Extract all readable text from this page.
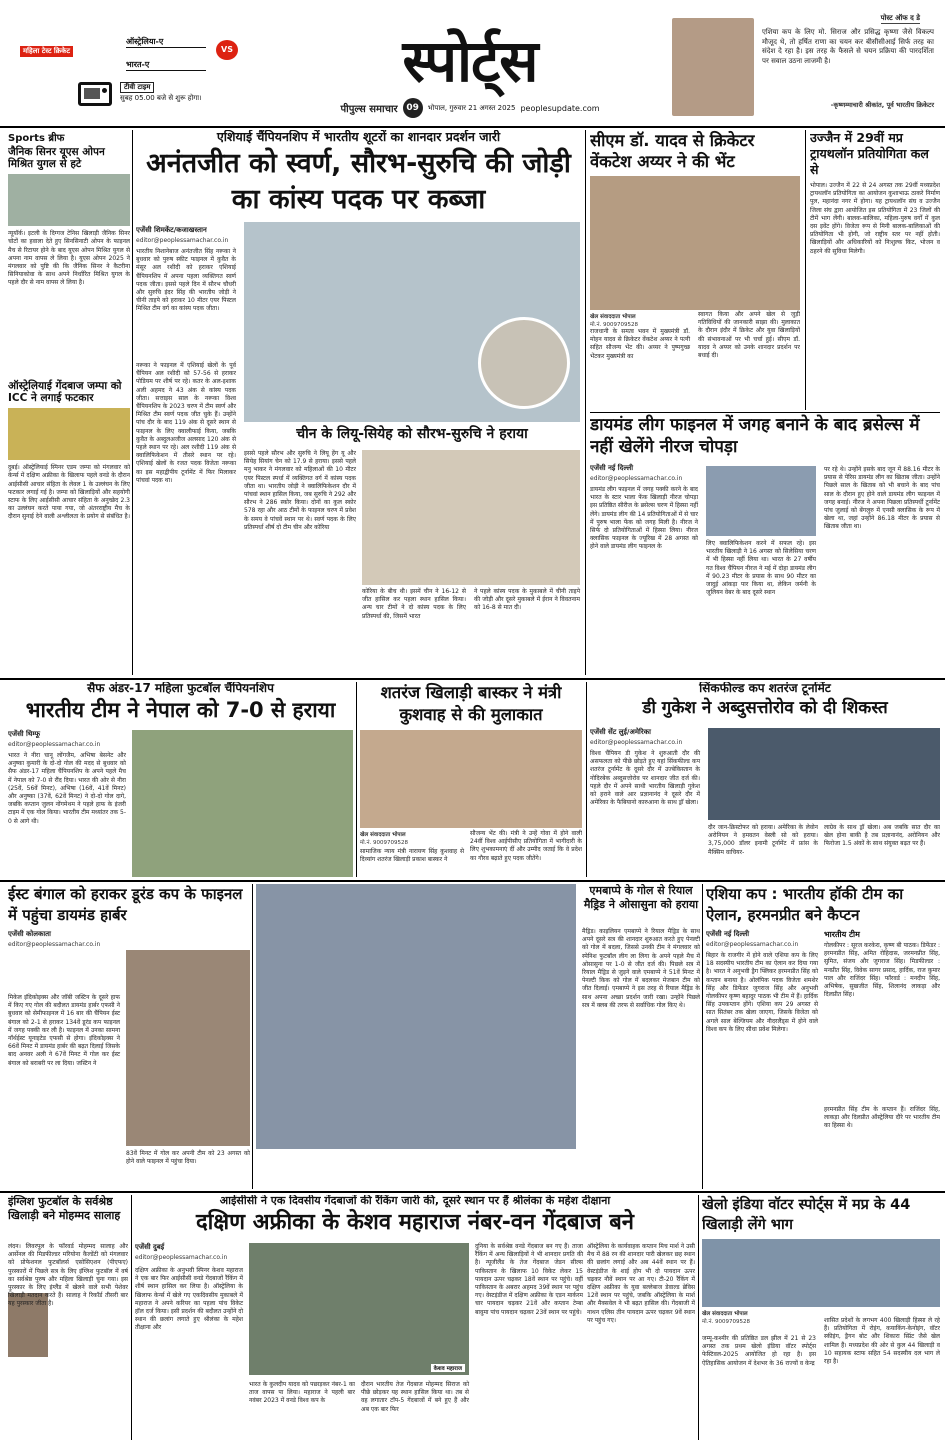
महिला टेस्ट क्रिकेट
ऑस्ट्रेलिया-ए
VS
भारत-ए
टीवी टाइम
सुबह 05.00 बजे से शुरू होगा।
स्पोर्ट्स
पीपुल्स समाचार 09	भोपाल, गुरुवार 21 अगस्त 2025 peoplesupdate.com
पोस्ट ऑफ द डे
एशिया कप के लिए मो. सिराज और प्रसिद्ध कृष्णा जैसे विकल्प मौजूद थे, तो हर्षित राणा का चयन कर बीसीसीआई सिर्फ तरह का संदेश दे रहा है। इस तरह के फैसले से चयन प्रक्रिया की पारदर्शिता पर सवाल उठना लाजमी है।
-कृष्णम्माचारी श्रीकांत, पूर्व भारतीय क्रिकेटर
Sports ब्रीफ
जैनिक सिनर यूएस ओपन मिश्रित युगल से हटे
न्यूयॉर्क। इटली के दिग्गज टेनिस खिलाड़ी जैनिक सिनर चोटों का हवाला देते हुए सिनसिनाटी ओपन के फाइनल मैच से रिटायर होने के बाद यूएस ओपन मिश्रित युगल से अपना नाम वापस ले लिया है। यूएस ओपन 2025 ने मंगलवार को पुष्टि की कि जैनिक सिनर ने कैटरीना सिनियाकोवा के साथ अपने निर्धारित मिश्रित युगल के पहले दौर से नाम वापस ले लिया है।
ऑस्ट्रेलियाई गेंदबाज जम्पा को ICC ने लगाई फटकार
दुबई। ऑस्ट्रेलियाई स्पिनर एडम जम्पा को मंगलवार को केर्न्स में दक्षिण अफ्रीका के खिलाफ पहले वनडे के दौरान आईसीसी आचार संहिता के लेवल 1 के उल्लंघन के लिए फटकार लगाई गई है। जम्पा को खिलाड़ियों और सहयोगी स्टाफ के लिए आईसीसी आचार संहिता के अनुच्छेद 2.3 का उल्लंघन करते पाया गया, जो अंतरराष्ट्रीय मैच के दौरान सुनाई देने वाली अश्लीलता के प्रयोग से संबंधित है।
एशियाई चैंपियनशिप में भारतीय शूटरों का शानदार प्रदर्शन जारी
अनंतजीत को स्वर्ण, सौरभ-सुरुचि की जोड़ी का कांस्य पदक पर कब्जा
एजेंसी शिमकेंट/कजाखस्तान
editor@peoplessamachar.co.in
भारतीय निशानेबाज अनंतजीत सिंह नरूका ने बुधवार को पुरुष स्कीट फाइनल में कुवैत के मंसूर अल रशीदी को हराकर एशियाई चैंपियनशिप में अपना पहला व्यक्तिगत स्वर्ण पदक जीता। इससे पहले दिन में सौरभ चौधरी और सुरुचि इंदर सिंह की भारतीय जोड़ी ने चीनी ताइपे को हराकर 10 मीटर एयर पिस्टल मिश्रित टीम वर्ग का कांस्य पदक जीता।
नरूका ने फाइनल में एशियाई खेलों के पूर्व चैंपियन अल रशीदी को 57-56 से हराकर पोडियम पर शीर्ष पर रहे। कतर के अल-इशाक अली अहमद ने 43 अंक से कांस्य पदक जीता। सत्ताइस साल के नरूका विश्व चैंपियनशिप के 2023 चरण में टीम स्वर्ण और मिश्रित टीम स्वर्ण पदक जीत चुके हैं। उन्होंने पांच दौर के बाद 119 अंक से दूसरे स्थान से फाइनल के लिए क्वालीफाई किया, जबकि कुवैत के अब्दुलअजीज अलसाद 120 अंक से पहले स्थान पर रहे। अल रशीदी 119 अंक से क्वालिफिकेशन में तीसरे स्थान पर रहे। एशियाई खेलों के रजत पदक विजेता नरूका का इस महाद्वीपीय टूर्नामेंट में फिर मिलाकर पांचवां पदक था।
चीन के लियू-सियेह को सौरभ-सुरुचि ने हराया
इससे पहले सौरभ और सुरुचि ने लियू हेंग यू और सियेह सियांग चेन को 17.9 से हराया। इससे पहले मनु भाकर ने मंगलवार को महिलाओं की 10 मीटर एयर पिस्टल स्पर्धा में व्यक्तिगत वर्ग में कांस्य पदक जीता था। भारतीय जोड़ी ने क्वालिफिकेशन दौर में पांचवां स्थान हासिल किया, जब सुरुचि ने 292 और सौरभ ने 286 स्कोर किया। दोनों का कुल स्कोर 578 रहा और आठ टीमों के फाइनल चरण में प्रवेश के समय वे पांचवें स्थान पर थे। स्वर्ण पदक के लिए प्रतिस्पर्धा शीर्ष दो टीम चीन और कोरिया
कोरिया के बीच थी। इसमें चीन ने 16-12 से जीत हासिल कर पहला स्थान हासिल किया। अन्य चार टीमों ने दो कांस्य पदक के लिए प्रतिस्पर्धा की, जिसमें भारत
ने पहले कांस्य पदक के मुकाबले में चीनी ताइपे की जोड़ी और दूसरे मुकाबले में ईरान ने विवतनाम को 16-8 से मात दी।
सीएम डॉ. यादव से क्रिकेटर वेंकटेश अय्यर ने की भेंट
खेल संवाददाता भोपाल
मो.नं. 9009709528
राजधानी के समत्व भवन में मुख्यमंत्री डॉ. मोहन यादव से क्रिकेटर वेंकटेश अय्यर ने पत्नी सहित सौजन्य भेंट की। अय्यर ने पुष्पगुच्छ भेंटकर मुख्यमंत्री का
स्वागत किया और अपने खेल से जुड़ी गतिविधियों की जानकारी साझा की। मुलाकात के दौरान इंदौर में क्रिकेट और युवा खिलाड़ियों की संभावनाओं पर भी चर्चा हुई। सीएम डॉ. यादव ने अय्यर को उनके शानदार प्रदर्शन पर बधाई दी।
उज्जैन में 29वीं मप्र ट्रायथलॉन प्रतियोगिता कल से
भोपाल। उज्जैन में 22 से 24 अगस्त तक 29वीं मध्यप्रदेश ट्रायथलॉन प्रतियोगिता का आयोजन कुशाभाऊ ठाकरे निर्माण पुल, महानंदा नगर में होगा। यह ट्रायथलॉन संघ व उज्जैन जिला संघ द्वारा आयोजित इस प्रतियोगिता में 23 जिलों की टीमें भाग लेंगी। बालक-बालिका, महिला-पुरुष वर्गों में कुल दस इवेंट होंगे। विजेता रूप से मिनी बालक-बालिकाओं की प्रतियोगिता भी होगी, जो राष्ट्रीय स्तर पर नहीं होती। खिलाड़ियों और अधिकारियों को निःशुल्क किट, भोजन व ठहरने की सुविधा मिलेगी।
डायमंड लीग फाइनल में जगह बनाने के बाद ब्रसेल्स में नहीं खेलेंगे नीरज चोपड़ा
एजेंसी नई दिल्ली
editor@peoplessamachar.co.in
डायमंड लीग फाइनल में जगह पक्की करने के बाद भारत के स्टार भाला फेंक खिलाड़ी नीरज चोपड़ा इस प्रतिष्ठित सीरीज के ब्रसेल्स चरण में हिस्सा नहीं लेंगे। डायमंड लीग की 14 प्रतियोगिताओं में से चार में पुरुष भाला फेंक को जगह मिली है। नीरज ने सिर्फ दो प्रतियोगिताओं में हिस्सा लिया। नीरज क्लासिक फाइनल के ज्यूरिख में 28 अगस्त को होने वाले डायमंड लीग फाइनल के	लिए क्वालिफिकेशन करने में सफल रहे। इस भारतीय खिलाड़ी ने 16 अगस्त को सिलेसिया चरण में भी हिस्सा नहीं लिया था। भारत के 27 वर्षीय गत विश्व चैंपियन नीरज ने मई में दोहा डायमंड लीग में 90.23 मीटर के प्रयास के साथ 90 मीटर का जादुई आंकड़ा पार किया था, लेकिन जर्मनी के जूलियन वेबर के बाद दूसरे स्थान
पर रहे थे। उन्होंने इसके बाद जून में 88.16 मीटर के प्रयास से पेरिस डायमंड लीग का खिताब जीता। उन्होंने पिछले साल के खिताब को भी बचाने के बाद पांच साल के दौरान हुए होने वाले डायमंड लीग फाइनल में जगह बनाई। नीरज ने अपना पिछला प्रतिस्पर्धी टूर्नामेंट पांच जुलाई को बेंगलुरु में एनसी क्लासिक के रूप में खेला था, जहां उन्होंने 86.18 मीटर के प्रयास से खिताब जीता था।
सैफ अंडर-17 महिला फुटबॉल चैंपियनशिप
भारतीय टीम ने नेपाल को 7-0 से हराया
एजेंसी थिम्फू
editor@peoplessamachar.co.in
भारत ने नीरा चानू लोंगजैम, अभिषा बेसनेट और अनुष्का कुमारी के दो-दो गोल की मदद से बुधवार को सैफ अंडर-17 महिला चैंपियनशिप के अपने पहले मैच में नेपाल को 7-0 से रौंद दिया। भारत की ओर से नीरा (25वें, 56वें मिनट), अभिषा (16वें, 41वें मिनट) और अनुष्का (37वें, 62वें मिनट) ने दो-दो गोल दागे, जबकि कप्तान जुलन नोंगमेथम ने पहले हाफ के इंजरी टाइम में एक गोल किया। भारतीय टीम मध्यांतर तक 5-0 से आगे थी।
शतरंज खिलाड़ी बास्कर ने मंत्री कुशवाह से की मुलाकात
खेल संवाददाता भोपाल
मो.नं. 9009709528
सामाजिक न्याय मंत्री नारायण सिंह कुशवाह से दिव्यांग शतरंज खिलाड़ी प्रकाश बास्कर ने
सौजन्य भेंट की। मंत्री ने उन्हें गोवा में होने वाली 24वीं विश्व आईपीसीए प्रतियोगिता में भागीदारी के लिए शुभकामनाएं दीं और उम्मीद जताई कि वे प्रदेश का गौरव बढ़ाते हुए पदक जीतेंगे।
सिंकफील्ड कप शतरंज टूर्नामेंट
डी गुकेश ने अब्दुसत्तोरोव को दी शिकस्त
एजेंसी सेंट लुई/अमेरिका
editor@peoplessamachar.co.in
विश्व चैंपियन डी गुकेश ने शुरुआती दौर की असफलता को पीछे छोड़ते हुए यहां सिंकफील्ड कप शतरंज टूर्नामेंट के दूसरे दौर में उज्बेकिस्तान के नोदिरबेक अब्दुसत्तोरोव पर शानदार जीत दर्ज की। पहले दौर में अपने साथी भारतीय खिलाड़ी गुकेश को हराने वाले आर प्रज्ञानानंद ने दूसरे दौर में अमेरिका के फैबियानो कारुआना के साथ ड्रॉ खेला।
दौर जान-क्रिस्टोफर को हराया। अमेरिका के लेवोन अरोनियन ने हमवतन वेस्ली सो को हराया। 3,75,000 डॉलर इनामी टूर्नामेंट में फ्रांस के मैक्सिम वाचियर-
लाग्रेव के साथ ड्रॉ खेला। अब जबकि सात दौर का खेल होना बाकी है तब प्रज्ञानानंद, अरोनियन और फिरोजा 1.5 अंकों के साथ संयुक्त बढ़त पर हैं।
ईस्ट बंगाल को हराकर डूरंड कप के फाइनल में पहुंचा डायमंड हार्बर
एजेंसी कोलकाता
editor@peoplessamachar.co.in
मिकेल इंदिकोइक्स और जॉबी जस्टिन के दूसरे हाफ में किए गए गोल की बदौलत डायमंड हार्बर एफसी ने बुधवार को सेमीफाइनल में 16 बार की चैंपियन ईस्ट बंगाल को 2-1 से हराकर 134वें डूरंड कप फाइनल में जगह पक्की कर ली है। फाइनल में उनका सामना नॉर्थईस्ट यूनाइटेड एफसी से होगा। इंदिकोइक्स ने 66वें मिनट में डायमंड हार्बर की बढ़त दिलाई जिसके बाद अनवर अली ने 67वें मिनट में गोल कर ईस्ट बंगाल को बराबरी पर ला दिया। जस्टिन ने
83वें मिनट में गोल कर अपनी टीम को 23 अगस्त को होने वाले फाइनल में पहुंचा दिया।
एमबाप्पे के गोल से रियाल मैड्रिड ने ओसासुना को हराया
मैड्रिड। काइलियन एमबाप्पे ने रियाल मैड्रिड के साथ अपने दूसरे सत्र की शानदार शुरुआत करते हुए पेनल्टी को गोल में बदला, जिससे उनकी टीम ने मंगलवार को स्पेनिश फुटबॉल लीग ला लिगा के अपने पहले मैच में ओसासुना पर 1-0 से जीत दर्ज की। पिछले सत्र में रियाल मैड्रिड से जुड़ने वाले एमबाप्पे ने 51वें मिनट में पेनल्टी किक को गोल में बदलकर मेजबान टीम को जीत दिलाई। एमबाप्पे ने इस तरह से रियाल मैड्रिड के साथ अपना अच्छा प्रदर्शन जारी रखा। उन्होंने पिछले सत्र में क्लब की तरफ से सर्वाधिक गोल किए थे।
एशिया कप : भारतीय हॉकी टीम का ऐलान, हरमनप्रीत बने कैप्टन
एजेंसी नई दिल्ली
editor@peoplessamachar.co.in
बिहार के राजगीर में होने वाले एशिया कप के लिए 18 सदस्यीय भारतीय टीम का ऐलान कर दिया गया है। भारत ने अनुभवी ड्रैग फ्लिकर हरमनप्रीत सिंह को कप्तान बनाया है। ओलंपिक पदक विजेता शमशेर सिंह और डिफेंडर जुगराज सिंह और अनुभवी गोलकीपर कृष्ण बहादुर पाठक भी टीम में हैं। हार्दिक सिंह उपकप्तान होंगे। एशिया कप 29 अगस्त से सात सितंबर तक खेला जाएगा, जिसके विजेता को अगले साल बेल्जियम और नीदरलैंड्स में होने वाले विश्व कप के लिए सीधा प्रवेश मिलेगा।
भारतीय टीम
गोलकीपर : सूरज करकेरा, कृष्ण बी पाठक। डिफेंडर : हरमनप्रीत सिंह, अमित रोहिदास, जरमनप्रीत सिंह, सुमित, संजय और जुगराज सिंह। मिडफील्डर : मनप्रीत सिंह, विवेक सागर प्रसाद, हार्दिक, राज कुमार पाल और राजिंदर सिंह। फॉरवर्ड : मनदीप सिंह, अभिषेक, सुखजीत सिंह, शिलानंद लाकड़ा और दिलप्रीत सिंह।
हरमनप्रीत सिंह टीम के कप्तान हैं। राजिंदर सिंह, लाकड़ा और दिलप्रीत ऑस्ट्रेलिया दौरे पर भारतीय टीम का हिस्सा थे।
इंग्लिश फुटबॉल के सर्वश्रेष्ठ खिलाड़ी बने मोहम्मद सालाह
लंदन। लिवरपूल के फॉरवर्ड मोहम्मद सालाह और आर्सेनल की मिडफील्डर मरियोना कैल्डेंटी को मंगलवार को प्रोफेशनल फुटबॉलर्स एसोसिएशन (पीएफए) पुरस्कारों में पिछले सत्र के लिए इंग्लिश फुटबॉल में वर्ष का सर्वश्रेष्ठ पुरुष और महिला खिलाड़ी चुना गया। इस पुरस्कार के लिए इंग्लैंड में खेलने वाले सभी पेशेवर खिलाड़ी मतदान करते हैं। सालाह ने रिकॉर्ड तीसरी बार यह पुरस्कार जीता है।
आईसीसी ने एक दिवसीय गेंदबाजों की रैंकिंग जारी की, दूसरे स्थान पर हैं श्रीलंका के महेश दीक्षाना
दक्षिण अफ्रीका के केशव महाराज नंबर-वन गेंदबाज बने
एजेंसी दुबई
editor@peoplessamachar.co.in
दक्षिण अफ्रीका के अनुभवी स्पिनर केशव महाराज ने एक बार फिर आईसीसी वनडे गेंदबाजों रैंकिंग में शीर्ष स्थान हासिल कर लिया है। ऑस्ट्रेलिया के खिलाफ केर्न्स में खेले गए एकदिवसीय मुकाबले में महाराज ने अपने करियर का पहला पांच विकेट हॉल दर्ज किया। इसी प्रदर्शन की बदौलत उन्होंने दो स्थान की छलांग लगाते हुए श्रीलंका के महेश तीक्षाना और
केशव महाराज
भारत के कुलदीप यादव को पछाड़कर नंबर-1 का ताज वापस पा लिया। महाराज ने पहली बार नवंबर 2023 में वनडे विश्व कप के
दौरान भारतीय तेज गेंदबाज मोहम्मद सिराज को पीछे छोड़कर यह स्थान हासिल किया था। तब से वह लगातार टॉप-5 गेंदबाजों में बने हुए हैं और अब एक बार फिर
दुनिया के सर्वश्रेष्ठ वनडे गेंदबाज बन गए हैं। ताजा रैंकिंग में अन्य खिलाड़ियों ने भी शानदार प्रगति की है। न्यूजीलैंड के तेज गेंदबाज जेडन सील्स पाकिस्तान के खिलाफ 10 विकेट लेकर 15 पायदान ऊपर चढ़कर 18वें स्थान पर पहुंचे। वहीं पाकिस्तान के अबरार अहमद 39वें स्थान पर पहुंच गए। वेस्टइंडीज में दक्षिण अफ्रीका के एडन मार्करम चार पायदान चढ़कर 21वें और कप्तान टेम्बा बावुमा पांच पायदान चढ़कर 23वें स्थान पर पहुंचे।
ऑस्ट्रेलिया के कार्यवाहक कप्तान मिच मार्श ने उसी मैच में 88 रन की शानदार पारी खेलकर छह स्थान की छलांग लगाई और अब 44वें स्थान पर हैं। वेस्टइंडीज के शाई होप भी दो पायदान ऊपर चढ़कर नौवें स्थान पर आ गए। टी-20 रैंकिंग में दक्षिण अफ्रीका के युवा बल्लेबाज डेवाल्ड ब्रेविस 12वें स्थान पर पहुंचे, जबकि ऑस्ट्रेलिया के मार्श और मैक्सवेल ने भी बढ़त हासिल की। गेंदबाजी में नाथन एलिस तीन पायदान ऊपर चढ़कर 9वें स्थान पर पहुंच गए।
खेलो इंडिया वॉटर स्पोर्ट्स में मप्र के 44 खिलाड़ी लेंगे भाग
खेल संवाददाता भोपाल
मो.नं. 9009709528
जम्मू-कश्मीर की प्रतिष्ठित डल झील में 21 से 23 अगस्त तक प्रथम खेलो इंडिया वॉटर स्पोर्ट्स फेस्टिवल-2025 आयोजित हो रहा है। इस ऐतिहासिक आयोजन में देशभर के 36 राज्यों व केन्द्र
शासित प्रदेशों के लगभग 400 खिलाड़ी हिस्सा ले रहे हैं। प्रतियोगिता में रोइंग, कयाकिंग-केनोइंग, वॉटर स्कीइंग, ड्रैगन बोट और शिकारा स्प्रिंट जैसे खेल शामिल हैं। मध्यप्रदेश की ओर से कुल 44 खिलाड़ी व 10 सहायक स्टाफ सहित 54 सदस्यीय दल भाग ले रहा है।
